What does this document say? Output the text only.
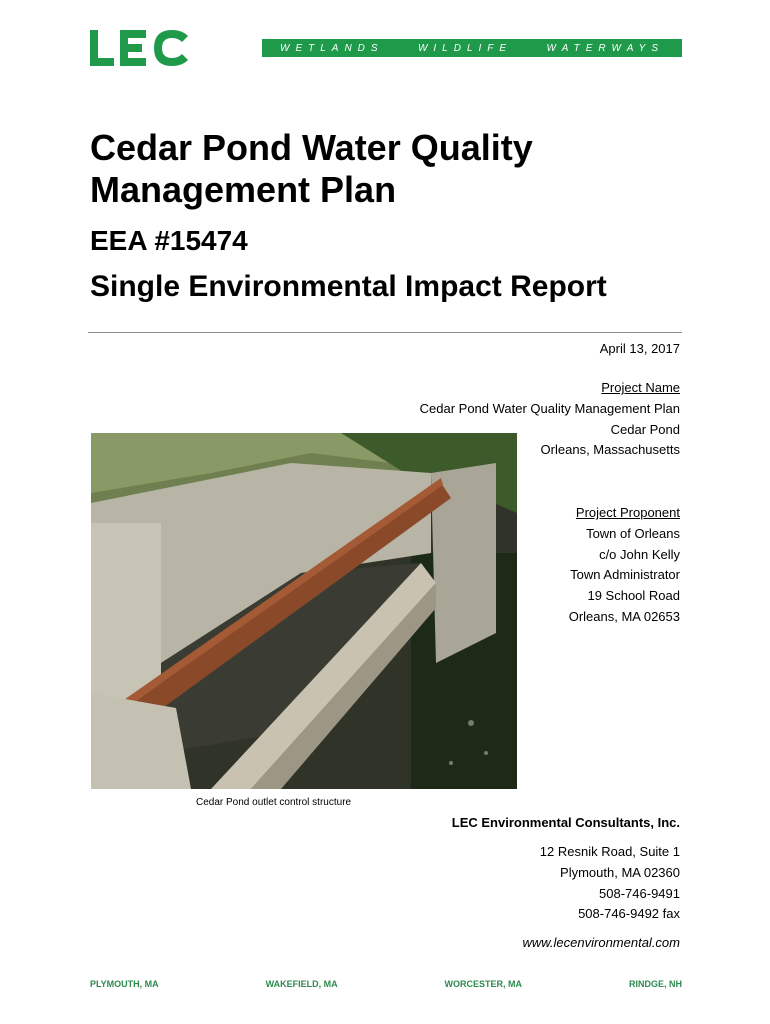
WETLANDS	WILDLIFE	WATERWAYS
Cedar Pond Water Quality Management Plan
EEA #15474
Single Environmental Impact Report
April 13, 2017
Project Name
Cedar Pond Water Quality Management Plan
Cedar Pond
Orleans, Massachusetts
Cedar Pond outlet control structure
Project Proponent
Town of Orleans
c/o John Kelly
Town Administrator
19 School Road
Orleans, MA 02653
LEC Environmental Consultants, Inc.
12 Resnik Road, Suite 1
Plymouth, MA 02360
508-746-9491
508-746-9492 fax
www.lecenvironmental.com
PLYMOUTH, MA	WAKEFIELD, MA	WORCESTER, MA	RINDGE, NH
